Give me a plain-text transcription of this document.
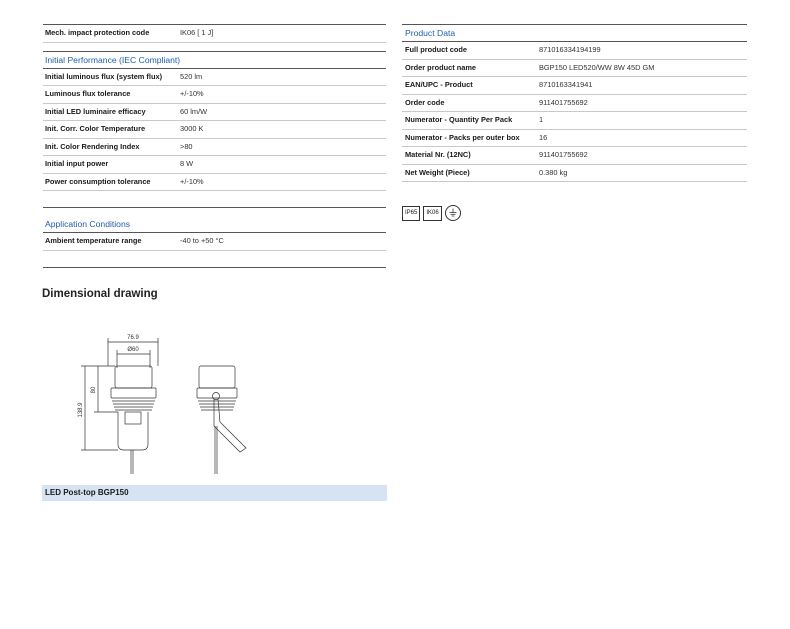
Mech. impact protection code	IK06 [ 1 J]
Initial Performance (IEC Compliant)
Initial luminous flux (system flux)	520 lm
Luminous flux tolerance	+/-10%
Initial LED luminaire efficacy	60 lm/W
Init. Corr. Color Temperature	3000 K
Init. Color Rendering Index	>80
Initial input power	8 W
Power consumption tolerance	+/-10%
Application Conditions
Ambient temperature range	-40 to +50 °C
Product Data
Full product code	871016334194199
Order product name	BGP150 LED520/WW 8W 45D GM
EAN/UPC - Product	8710163341941
Order code	911401755692
Numerator - Quantity Per Pack	1
Numerator - Packs per outer box	16
Material Nr. (12NC)	911401755692
Net Weight (Piece)	0.380 kg
IP65	IK06
Dimensional drawing
76.9
Ø60
80
138.9
LED Post-top BGP150
